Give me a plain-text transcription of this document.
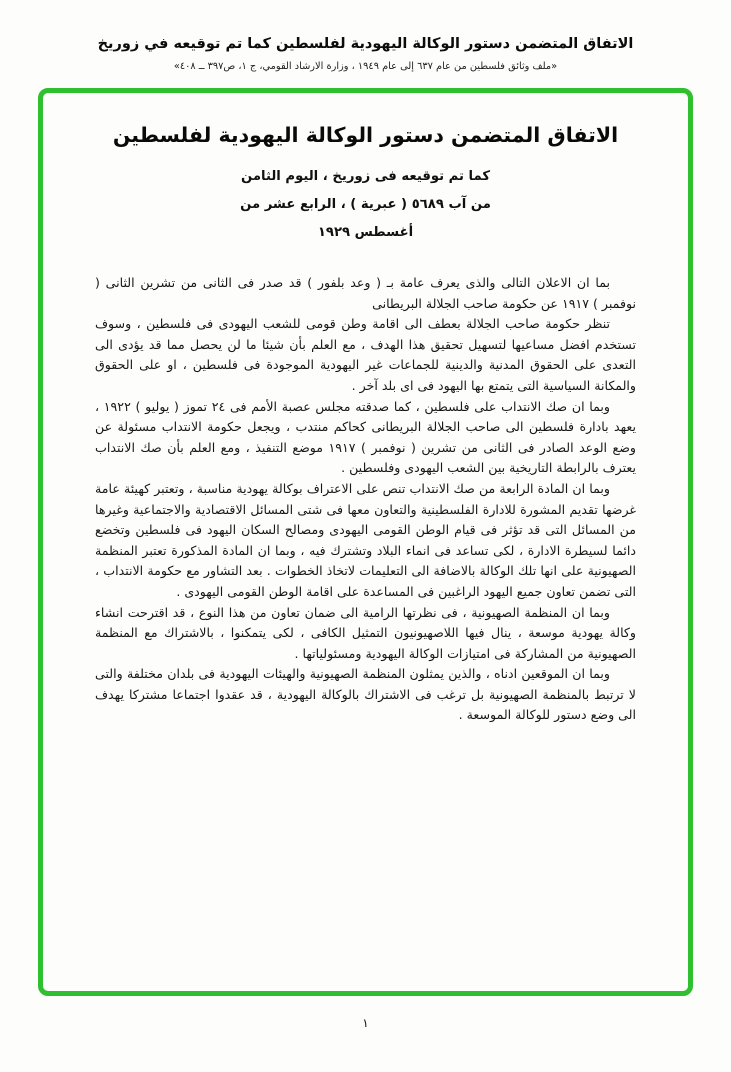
الاتفاق المتضمن دستور الوكالة اليهودية لفلسطين كما تم توقيعه في زوريخ
«ملف وثائق فلسطين من عام ٦٣٧ إلى عام ١٩٤٩ ، وزارة الارشاد القومي، ج ١، ص٣٩٧ ــ ٤٠٨»
الاتفاق المتضمن دستور الوكالة اليهودية لفلسطين
كما تم توقيعه فى زوريخ ، اليوم الثامن
من آب ٥٦٨٩ ( عبرية ) ، الرابع عشر من
أغسطس ١٩٢٩

بما ان الاعلان التالى والذى يعرف عامة بـ ( وعد بلفور ) قد صدر فى الثانى من تشرين الثانى ( نوفمبر ) ١٩١٧ عن حكومة صاحب الجلالة البريطانى

تنظر حكومة صاحب الجلالة بعطف الى اقامة وطن قومى للشعب اليهودى فى فلسطين ، وسوف تستخدم افضل مساعيها لتسهيل تحقيق هذا الهدف ، مع العلم بأن شيئا ما لن يحصل مما قد يؤدى الى التعدى على الحقوق المدنية والدينية للجماعات غير اليهودية الموجودة فى فلسطين ، او على الحقوق والمكانة السياسية التى يتمتع بها اليهود فى اى بلد آخر .

وبما ان صك الانتداب على فلسطين ، كما صدقته مجلس عصبة الأمم فى ٢٤ تموز ( يوليو ) ١٩٢٢ ، يعهد بادارة فلسطين الى صاحب الجلالة البريطانى كحاكم منتدب ، ويجعل حكومة الانتداب مسئولة عن وضع الوعد الصادر فى الثانى من تشرين ( نوفمبر ) ١٩١٧ موضع التنفيذ ، ومع العلم بأن صك الانتداب يعترف بالرابطة التاريخية بين الشعب اليهودى وفلسطين .

وبما ان المادة الرابعة من صك الانتداب تنص على الاعتراف بوكالة يهودية مناسبة ، وتعتبر كهيئة عامة غرضها تقديم المشورة للادارة الفلسطينية والتعاون معها فى شتى المسائل الاقتصادية والاجتماعية وغيرها من المسائل التى قد تؤثر فى قيام الوطن القومى اليهودى ومصالح السكان اليهود فى فلسطين وتخضع دائما لسيطرة الادارة ، لكى تساعد فى انماء البلاد وتشترك فيه ، وبما ان المادة المذكورة تعتبر المنظمة الصهيونية على انها تلك الوكالة بالاضافة الى التعليمات لاتخاذ الخطوات . بعد التشاور مع حكومة الانتداب ، التى تضمن تعاون جميع اليهود الراغبين فى المساعدة على اقامة الوطن القومى اليهودى .

وبما ان المنظمة الصهيونية ، فى نظرتها الرامية الى ضمان تعاون من هذا النوع ، قد اقترحت انشاء وكالة يهودية موسعة ، ينال فيها اللاصهيونيون التمثيل الكافى ، لكى يتمكنوا ، بالاشتراك مع المنظمة الصهيونية من المشاركة فى امتيازات الوكالة اليهودية ومسئولياتها .

وبما ان الموقعين ادناه ، والذين يمثلون المنظمة الصهيونية والهيئات اليهودية فى بلدان مختلفة والتى لا ترتبط بالمنظمة الصهيونية بل ترغب فى الاشتراك بالوكالة اليهودية ، قد عقدوا اجتماعا مشتركا يهدف الى وضع دستور للوكالة الموسعة .

١
